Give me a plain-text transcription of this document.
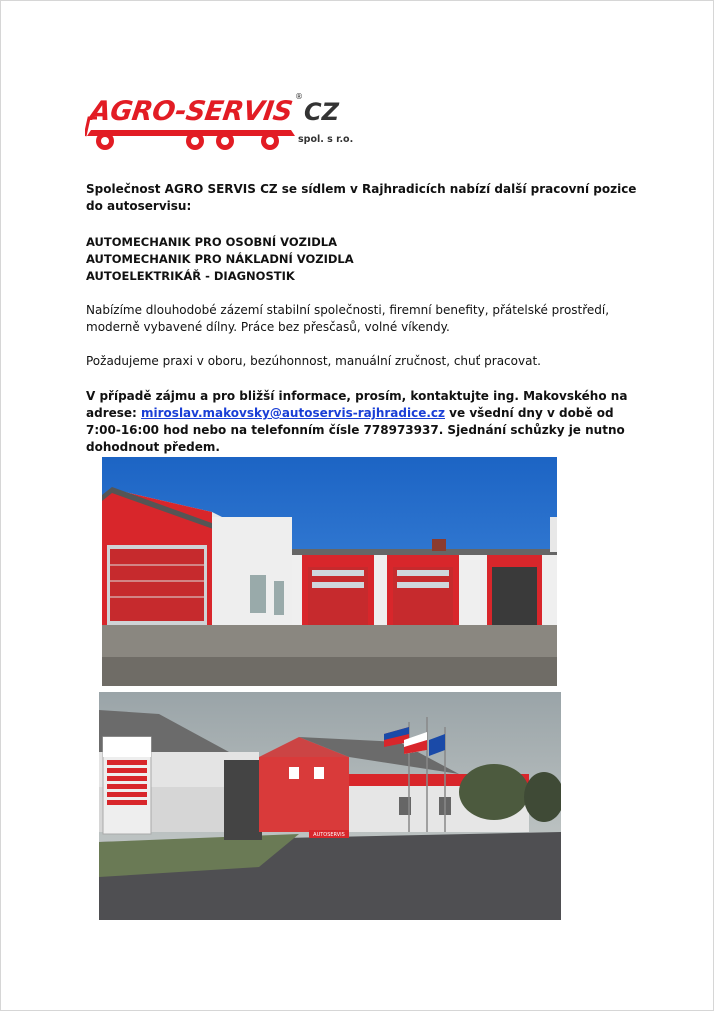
AGRO-SERVIS ®
CZ
spol. s r.o.
Společnost AGRO SERVIS CZ se sídlem v Rajhradicích nabízí další pracovní pozice do autoservisu:
AUTOMECHANIK PRO OSOBNÍ VOZIDLA
AUTOMECHANIK PRO NÁKLADNÍ VOZIDLA
AUTOELEKTRIKÁŘ - DIAGNOSTIK
Nabízíme dlouhodobé zázemí stabilní společnosti, firemní benefity, přátelské prostředí, moderně vybavené dílny. Práce bez přesčasů, volné víkendy.
Požadujeme praxi v oboru, bezúhonnost, manuální zručnost, chuť pracovat.
V případě zájmu a pro bližší informace, prosím, kontaktujte ing. Makovského na adrese: miroslav.makovsky@autoservis-rajhradice.cz ve všední dny v době od 7:00-16:00 hod nebo na telefonním čísle 778973937. Sjednání schůzky je nutno dohodnout předem.
AUTOSERVIS
